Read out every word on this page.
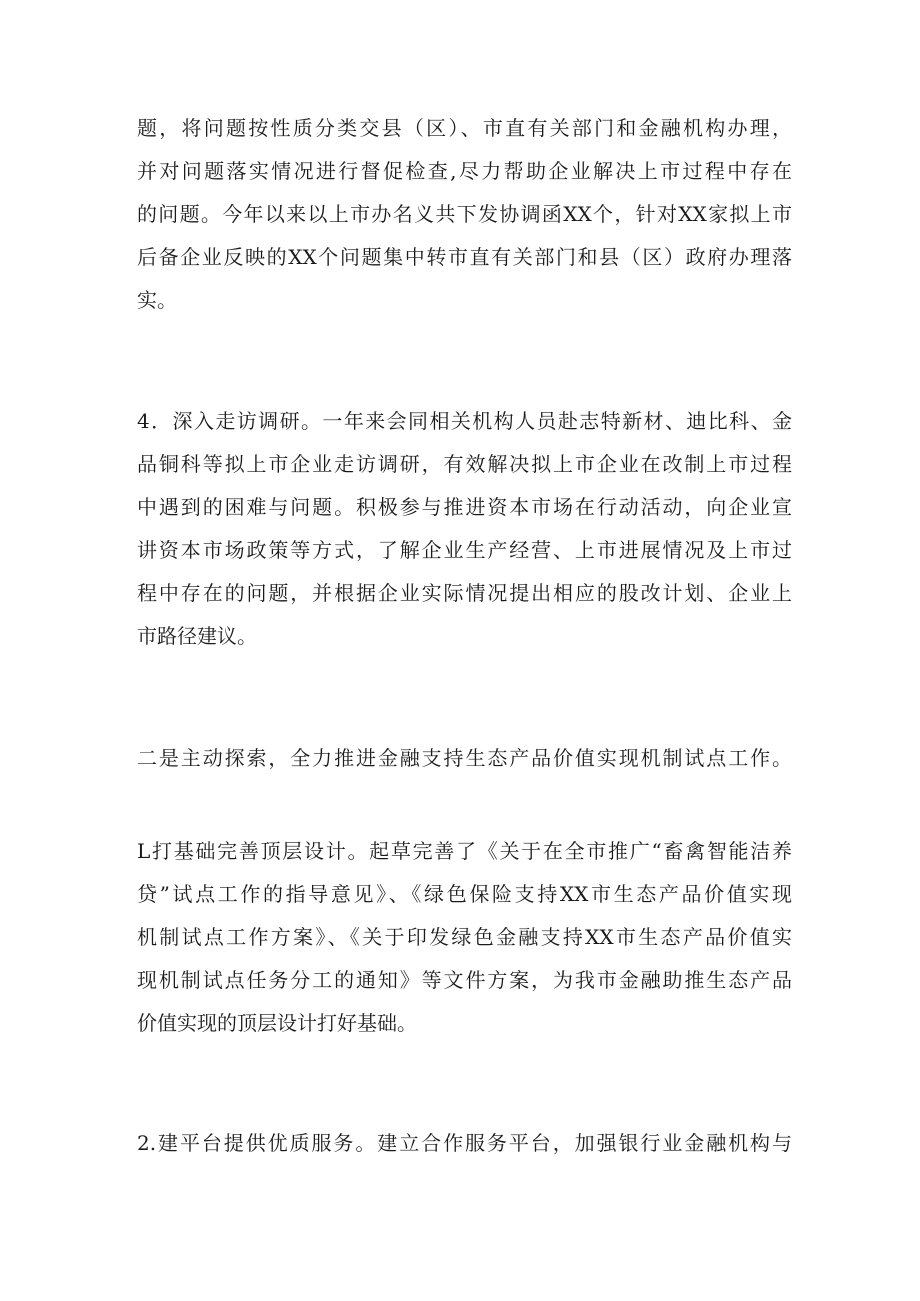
题，将问题按性质分类交县（区）、市直有关部门和金融机构办理，
并对问题落实情况进行督促检查,尽力帮助企业解决上市过程中存在
的问题。今年以来以上市办名义共下发协调函XX个，针对XX家拟上市
后备企业反映的XX个问题集中转市直有关部门和县（区）政府办理落
实。
4．深入走访调研。一年来会同相关机构人员赴志特新材、迪比科、金
品铜科等拟上市企业走访调研，有效解决拟上市企业在改制上市过程
中遇到的困难与问题。积极参与推进资本市场在行动活动，向企业宣
讲资本市场政策等方式，了解企业生产经营、上市进展情况及上市过
程中存在的问题，并根据企业实际情况提出相应的股改计划、企业上
市路径建议。
二是主动探索，全力推进金融支持生态产品价值实现机制试点工作。
L打基础完善顶层设计。起草完善了《关于在全市推广“畜禽智能洁养
贷”试点工作的指导意见》、《绿色保险支持XX市生态产品价值实现
机制试点工作方案》、《关于印发绿色金融支持XX市生态产品价值实
现机制试点任务分工的通知》等文件方案，为我市金融助推生态产品
价值实现的顶层设计打好基础。
2.建平台提供优质服务。建立合作服务平台，加强银行业金融机构与
